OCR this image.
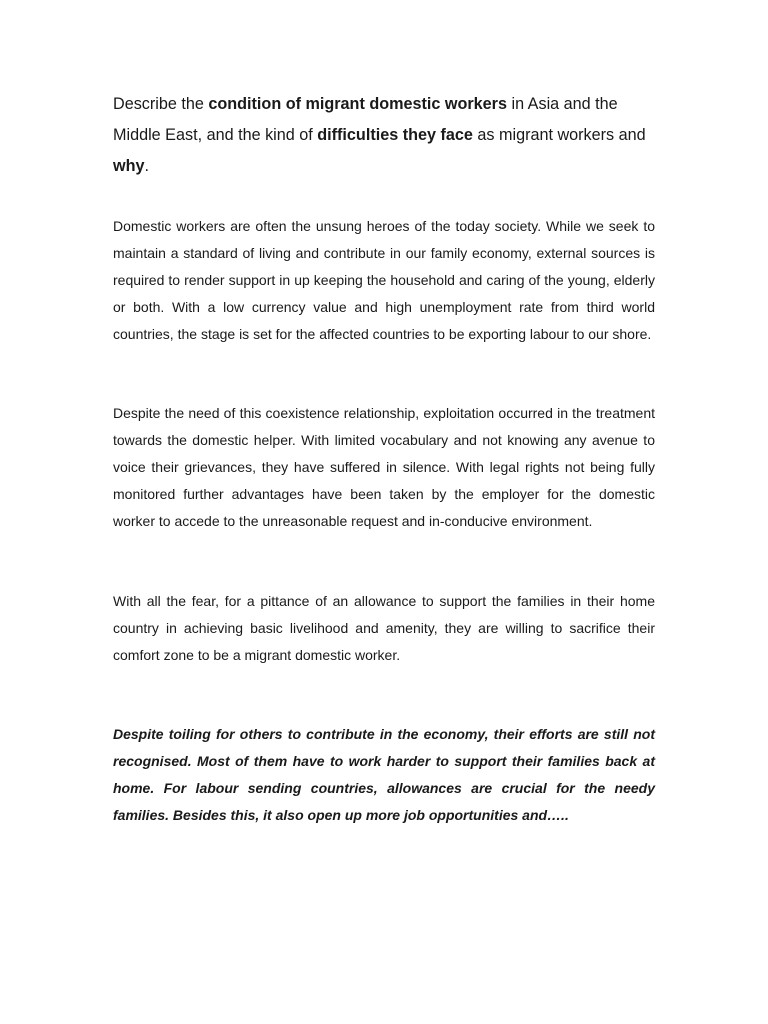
Describe the condition of migrant domestic workers in Asia and the Middle East, and the kind of difficulties they face as migrant workers and why.

Domestic workers are often the unsung heroes of the today society. While we seek to maintain a standard of living and contribute in our family economy, external sources is required to render support in up keeping the household and caring of the young, elderly or both. With a low currency value and high unemployment rate from third world countries, the stage is set for the affected countries to be exporting labour to our shore.

Despite the need of this coexistence relationship, exploitation occurred in the treatment towards the domestic helper. With limited vocabulary and not knowing any avenue to voice their grievances, they have suffered in silence. With legal rights not being fully monitored further advantages have been taken by the employer for the domestic worker to accede to the unreasonable request and in-conducive environment.

With all the fear, for a pittance of an allowance to support the families in their home country in achieving basic livelihood and amenity, they are willing to sacrifice their comfort zone to be a migrant domestic worker.

Despite toiling for others to contribute in the economy, their efforts are still not recognised. Most of them have to work harder to support their families back at home. For labour sending countries, allowances are crucial for the needy families. Besides this, it also open up more job opportunities and…..
